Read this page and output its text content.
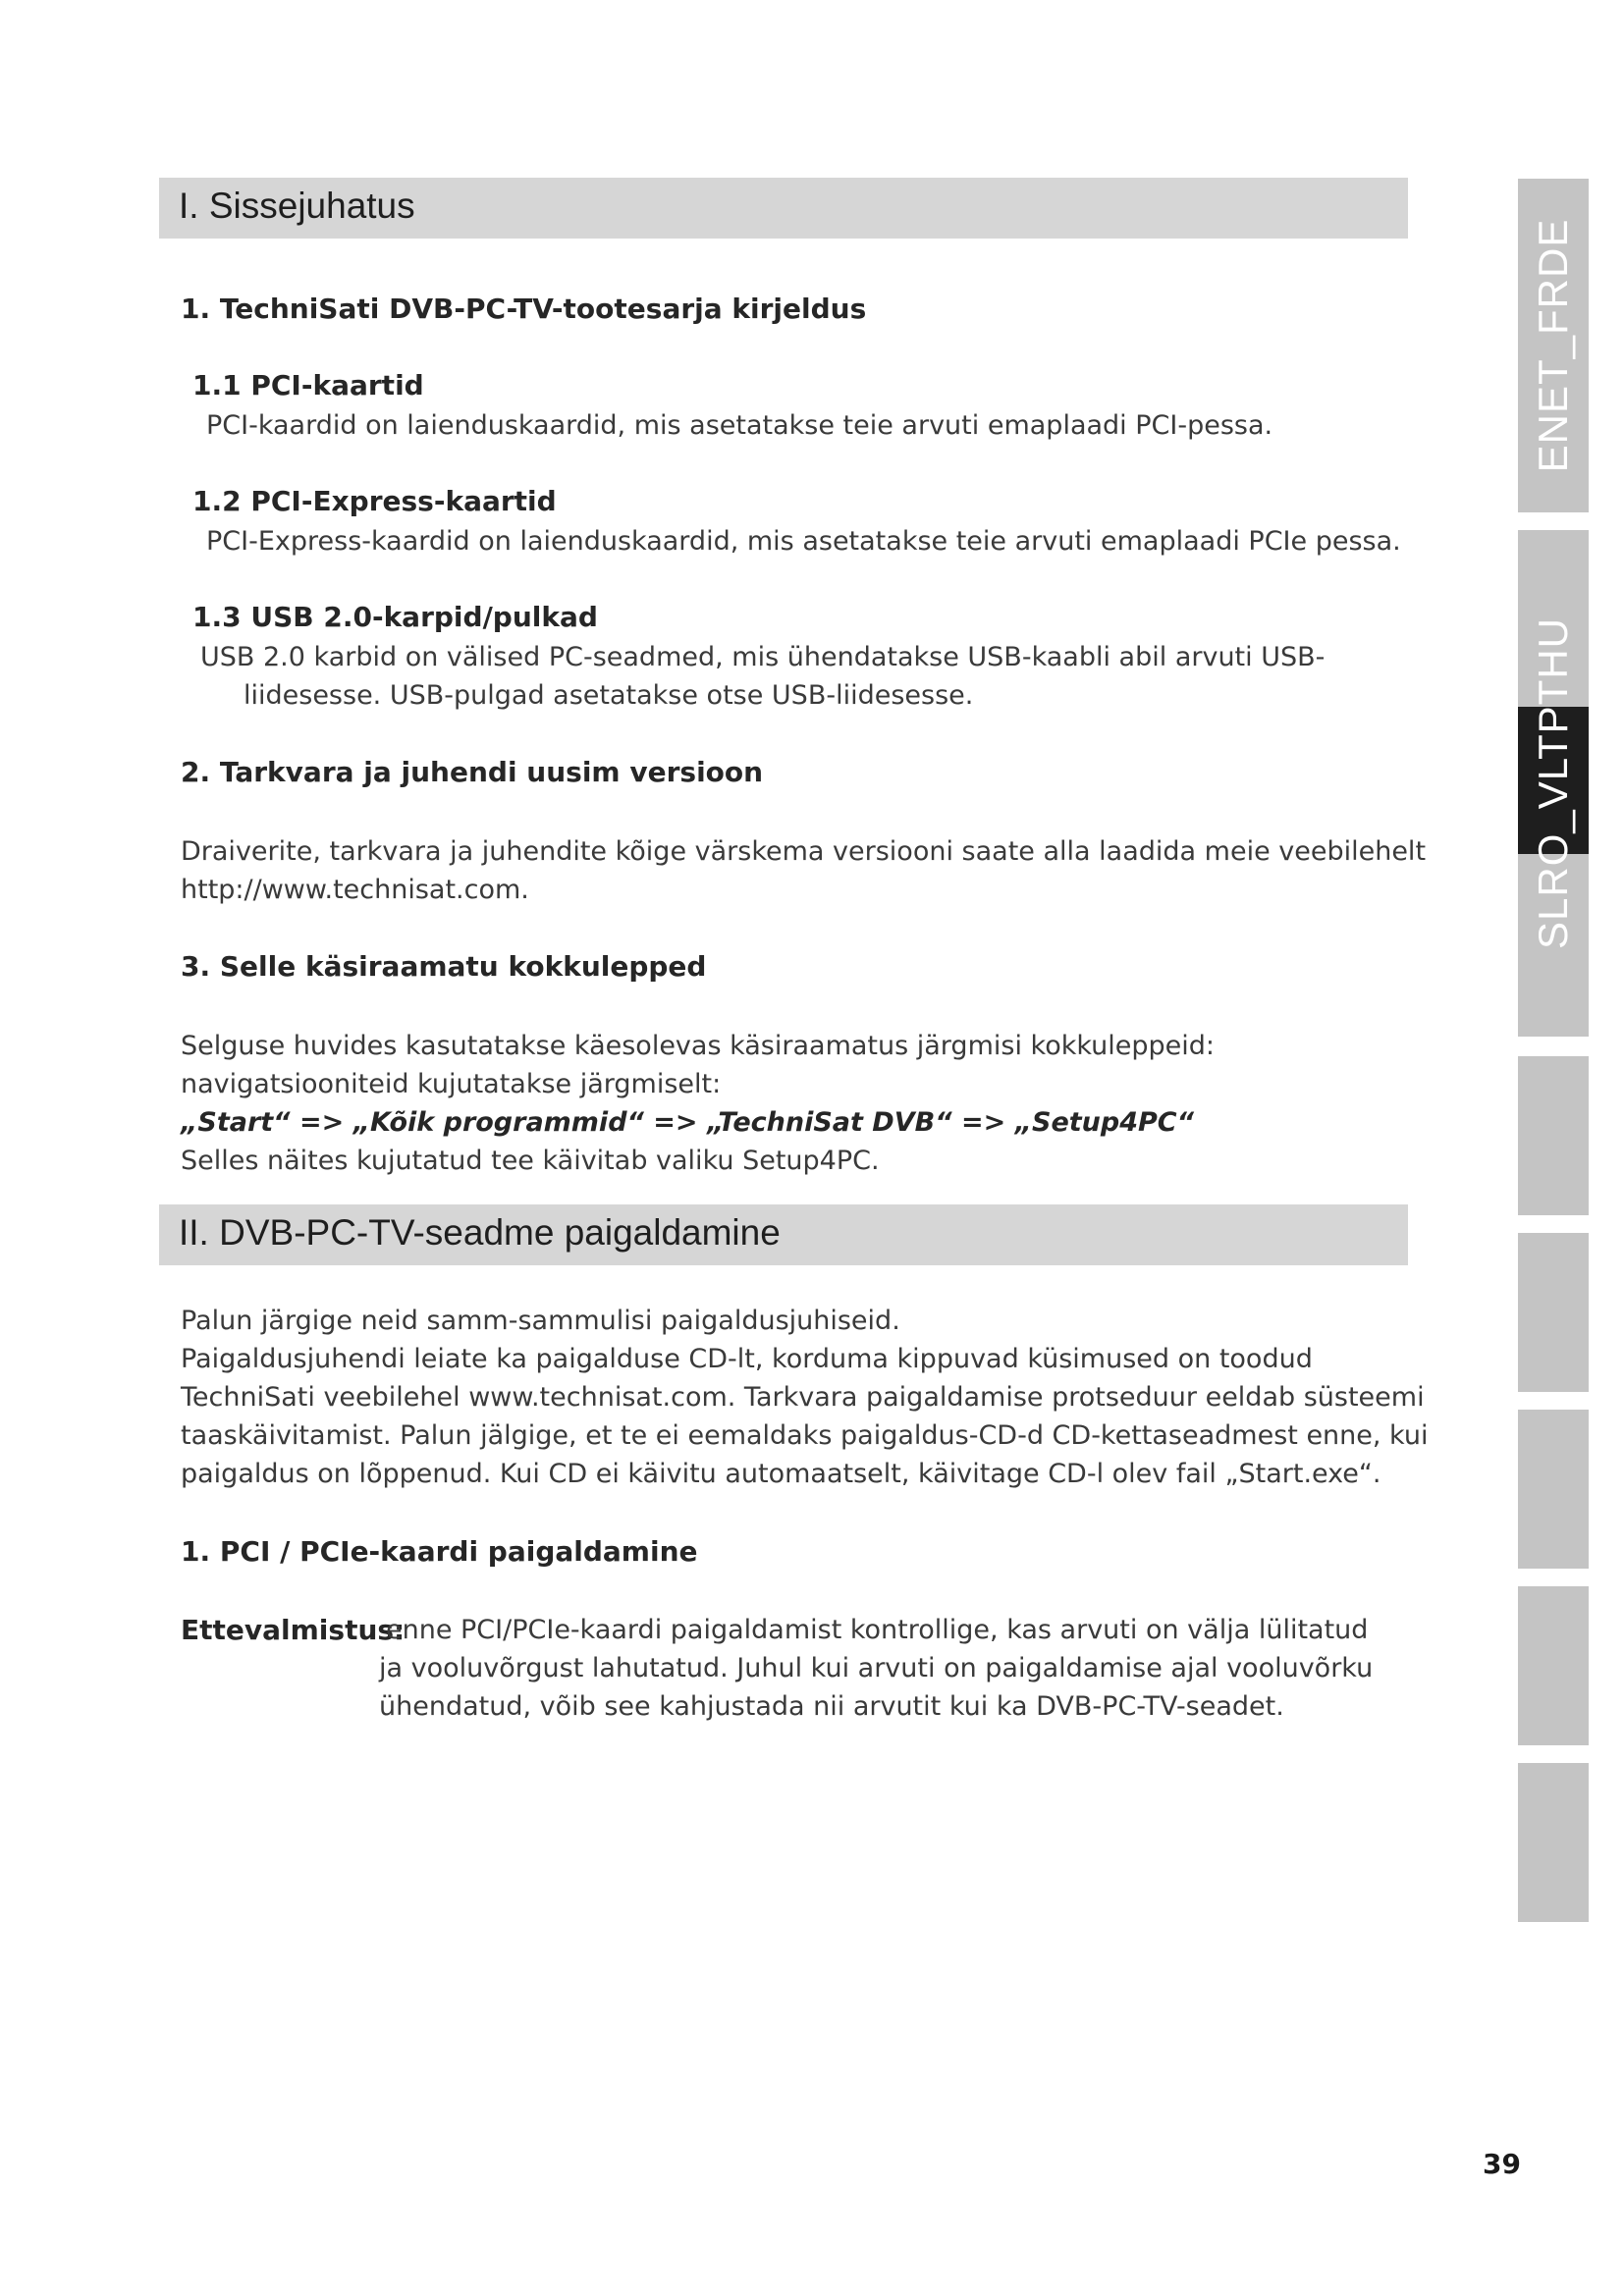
I. Sissejuhatus
1. TechniSati DVB-PC-TV-tootesarja kirjeldus
1.1 PCI-kaartid
PCI-kaardid on laienduskaardid, mis asetatakse teie arvuti emaplaadi PCI-pessa.
1.2 PCI-Express-kaartid
PCI-Express-kaardid on laienduskaardid, mis asetatakse teie arvuti emaplaadi PCIe pessa.
1.3 USB 2.0-karpid/pulkad
USB 2.0 karbid on välised PC-seadmed, mis ühendatakse USB-kaabli abil arvuti USB-
liidesesse. USB-pulgad asetatakse otse USB-liidesesse.
2. Tarkvara ja juhendi uusim versioon
Draiverite, tarkvara ja juhendite kõige värskema versiooni saate alla laadida meie veebilehelt
http://www.technisat.com.
3. Selle käsiraamatu kokkulepped
Selguse huvides kasutatakse käesolevas käsiraamatus järgmisi kokkuleppeid:
navigatsiooniteid kujutatakse järgmiselt:
„Start“ => „Kõik programmid“ => „TechniSat DVB“ => „Setup4PC“
Selles näites kujutatud tee käivitab valiku Setup4PC.
II. DVB-PC-TV-seadme paigaldamine
Palun järgige neid samm-sammulisi paigaldusjuhiseid.
Paigaldusjuhendi leiate ka paigalduse CD-lt, korduma kippuvad küsimused on toodud
TechniSati veebilehel www.technisat.com. Tarkvara paigaldamise protseduur eeldab süsteemi
taaskäivitamist. Palun jälgige, et te ei eemaldaks paigaldus-CD-d CD-kettaseadmest enne, kui
paigaldus on lõppenud. Kui CD ei käivitu automaatselt, käivitage CD-l olev fail „Start.exe“.
1. PCI / PCIe-kaardi paigaldamine
Ettevalmistus:
enne PCI/PCIe-kaardi paigaldamist kontrollige, kas arvuti on välja lülitatud
ja vooluvõrgust lahutatud. Juhul kui arvuti on paigaldamise ajal vooluvõrku
ühendatud, võib see kahjustada nii arvutit kui ka DVB-PC-TV-seadet.
ENET_FRDE
SLRO_VLTPTHU
39
